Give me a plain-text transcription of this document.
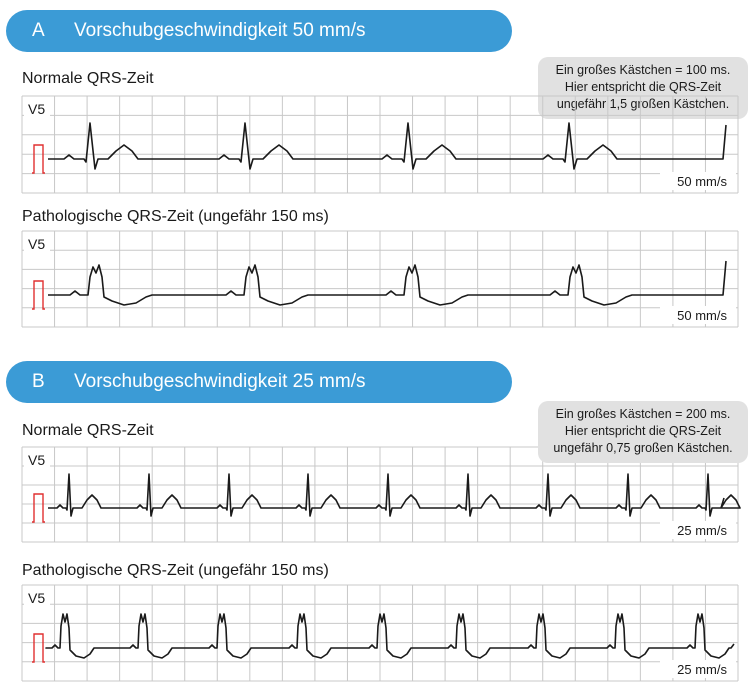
A Vorschubgeschwindigkeit 50 mm/s
Normale QRS-Zeit	Ein großes Kästchen = 100 ms.
Hier entspricht die QRS-Zeit
ungefähr 1,5 großen Kästchen.
V5
50 mm/s
V5
50 mm/s
V5
25 mm/s
V5
25 mm/s
Pathologische QRS-Zeit (ungefähr 150 ms)
B Vorschubgeschwindigkeit 25 mm/s
Normale QRS-Zeit
Ein großes Kästchen = 200 ms.
Hier entspricht die QRS-Zeit
ungefähr 0,75 großen Kästchen.
Pathologische QRS-Zeit (ungefähr 150 ms)
